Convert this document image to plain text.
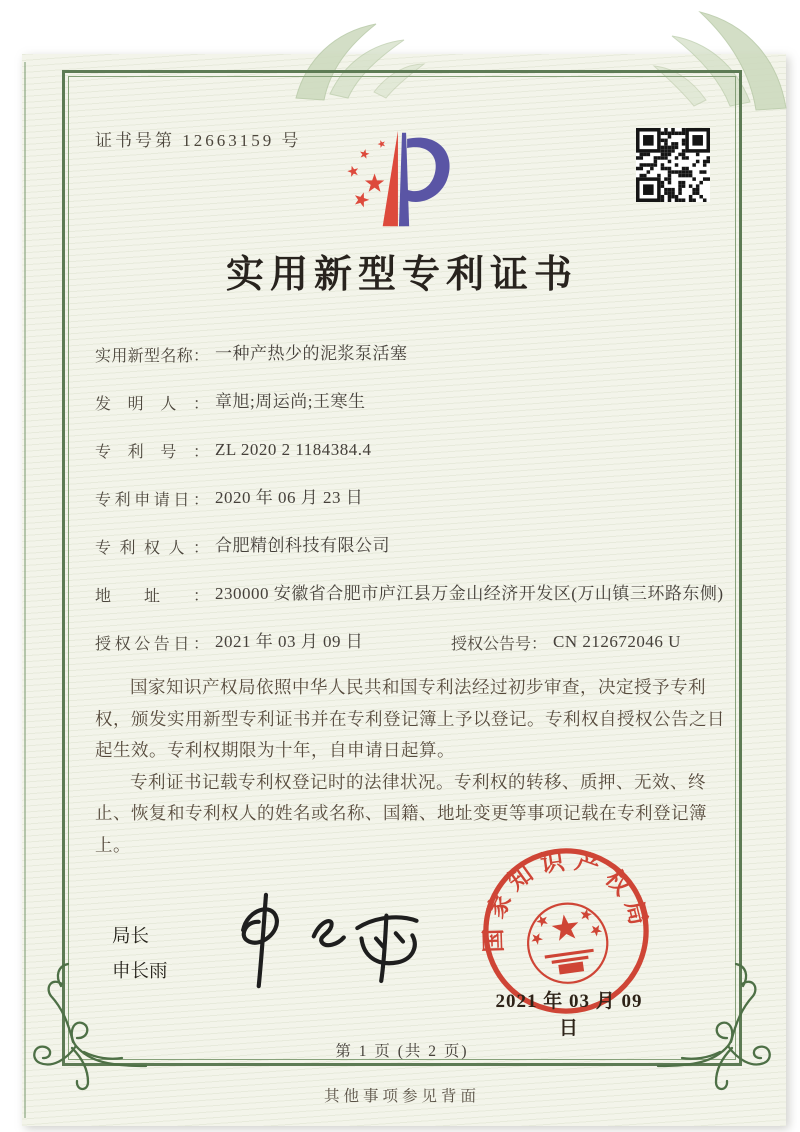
证书号第 12663159 号
实用新型专利证书
实用新型名称： 一种产热少的泥浆泵活塞
发明人： 章旭;周运尚;王寒生
专利号： ZL 2020 2 1184384.4
专利申请日： 2020 年 06 月 23 日
专利权人： 合肥精创科技有限公司
地址： 230000 安徽省合肥市庐江县万金山经济开发区(万山镇三环路东侧)
授权公告日： 2021 年 03 月 09 日	授权公告号： CN 212672046 U

国家知识产权局依照中华人民共和国专利法经过初步审查，决定授予专利权，颁发实用新型专利证书并在专利登记簿上予以登记。专利权自授权公告之日起生效。专利权期限为十年，自申请日起算。

专利证书记载专利权登记时的法律状况。专利权的转移、质押、无效、终止、恢复和专利权人的姓名或名称、国籍、地址变更等事项记载在专利登记簿上。

局长
申长雨
国家知识产权局
2021 年 03 月 09 日
第 1 页 (共 2 页)
其他事项参见背面
